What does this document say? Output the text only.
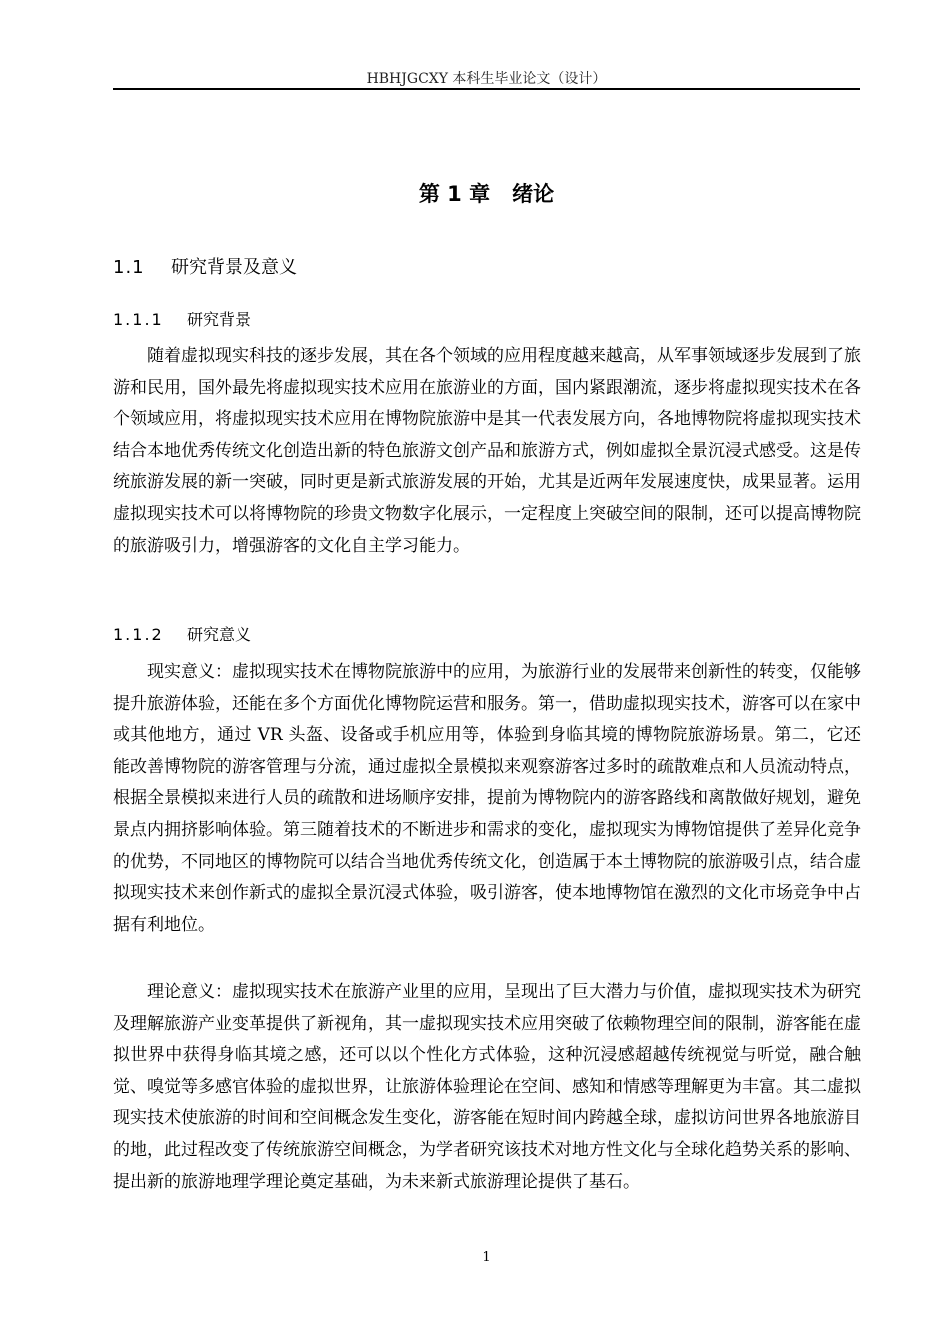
HBHJGCXY 本科生毕业论文（设计）
第 1 章 绪论
1.1 研究背景及意义
1.1.1 研究背景

随着虚拟现实科技的逐步发展，其在各个领域的应用程度越来越高，从军事领域逐步发展到了旅游和民用，国外最先将虚拟现实技术应用在旅游业的方面，国内紧跟潮流，逐步将虚拟现实技术在各个领域应用，将虚拟现实技术应用在博物院旅游中是其一代表发展方向，各地博物院将虚拟现实技术结合本地优秀传统文化创造出新的特色旅游文创产品和旅游方式，例如虚拟全景沉浸式感受。这是传统旅游发展的新一突破，同时更是新式旅游发展的开始，尤其是近两年发展速度快，成果显著。运用虚拟现实技术可以将博物院的珍贵文物数字化展示，一定程度上突破空间的限制，还可以提高博物院的旅游吸引力，增强游客的文化自主学习能力。

1.1.2 研究意义

现实意义：虚拟现实技术在博物院旅游中的应用，为旅游行业的发展带来创新性的转变，仅能够提升旅游体验，还能在多个方面优化博物院运营和服务。第一，借助虚拟现实技术，游客可以在家中或其他地方，通过 VR 头盔、设备或手机应用等，体验到身临其境的博物院旅游场景。第二，它还能改善博物院的游客管理与分流，通过虚拟全景模拟来观察游客过多时的疏散难点和人员流动特点，根据全景模拟来进行人员的疏散和进场顺序安排，提前为博物院内的游客路线和离散做好规划，避免景点内拥挤影响体验。第三随着技术的不断进步和需求的变化，虚拟现实为博物馆提供了差异化竞争的优势，不同地区的博物院可以结合当地优秀传统文化，创造属于本土博物院的旅游吸引点，结合虚拟现实技术来创作新式的虚拟全景沉浸式体验，吸引游客，使本地博物馆在激烈的文化市场竞争中占据有利地位。

理论意义：虚拟现实技术在旅游产业里的应用，呈现出了巨大潜力与价值，虚拟现实技术为研究及理解旅游产业变革提供了新视角，其一虚拟现实技术应用突破了依赖物理空间的限制，游客能在虚拟世界中获得身临其境之感，还可以以个性化方式体验，这种沉浸感超越传统视觉与听觉，融合触觉、嗅觉等多感官体验的虚拟世界，让旅游体验理论在空间、感知和情感等理解更为丰富。其二虚拟现实技术使旅游的时间和空间概念发生变化，游客能在短时间内跨越全球，虚拟访问世界各地旅游目的地，此过程改变了传统旅游空间概念，为学者研究该技术对地方性文化与全球化趋势关系的影响、提出新的旅游地理学理论奠定基础，为未来新式旅游理论提供了基石。

1
